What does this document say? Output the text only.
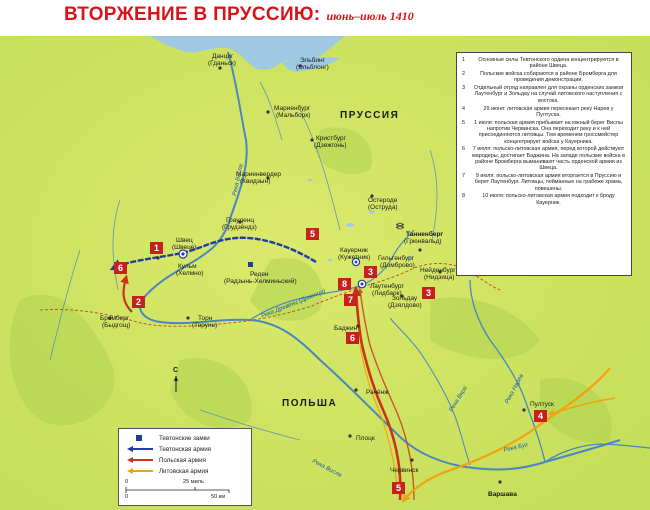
1
6
2
5
3
3
8
7
6
4
5
ПРУССИЯ
ПОЛЬША
С
Данциг
(Гданьск)	Эльбинг
(Эльблонг)
Мариенбург
(Мальборк)
Кристбург
(Дзежгонь)
Мариенвердер
(Квидзын)
Швец
(Швеце)
Грауденц
(Грудзёндз)
Кульм
(Хелмно)	Реден
(Радзынь-Хелминьский)
Бромберг
(Быдгощ)
Торн
(Торунь)
Остероде
(Оструда)
Танненберг
(Грюнвальд)
Кауерник
(Кужетник) Гильгенбург
(Домброво)
Нейденбург
(Нидзица)
Лаутенбург
(Лидбарк)
Зольдау
(Дзялдово)
Баджин
Рачёнж
Плоцк
Червинск
Варшава
Пултуск
Река Висла
Река Древенц (Дрвенца)
Река Висла
Река Буг
Река Нарев
Река Вкра
ВТОРЖЕНИЕ В ПРУССИЮ: июнь–июль 1410
1	Основные силы Тевтонского ордена концентрируются в районе Швеца.
2	Польские войска собираются в районе Бромберга для проведения демонстрации.
3	Отдельный отряд направлен для охраны орденских замков Лаутенбург и Зольдау на случай литовского наступления с востока.
4	29 июня: литовская армия пересекает реку Нарев у Пултуска.
5	1 июля: польская армия прибывает на южный берег Вислы напротив Червинска. Она переходит реку и к ней присоединяются литовцы. Тем временем гроссмейстер концентрирует войска у Кауерника.
6	7 июля: польско-литовская армия, перед которой действуют мародеры, достигает Баджина. На западе польские войска в районе Бромберга выманивают часть орденской армии из Швеца.
7	9 июля: польско-литовская армия вторгается в Пруссию и берет Лаутенбург. Литовцы, пойманные на грабеже храма, повешены.
8	10 июля: польско-литовская армия подходит к броду Кауерник.
Тевтонские замки
Тевтонская армия
Польская армия
Литовская армия
0	25 миль
0	50 км
